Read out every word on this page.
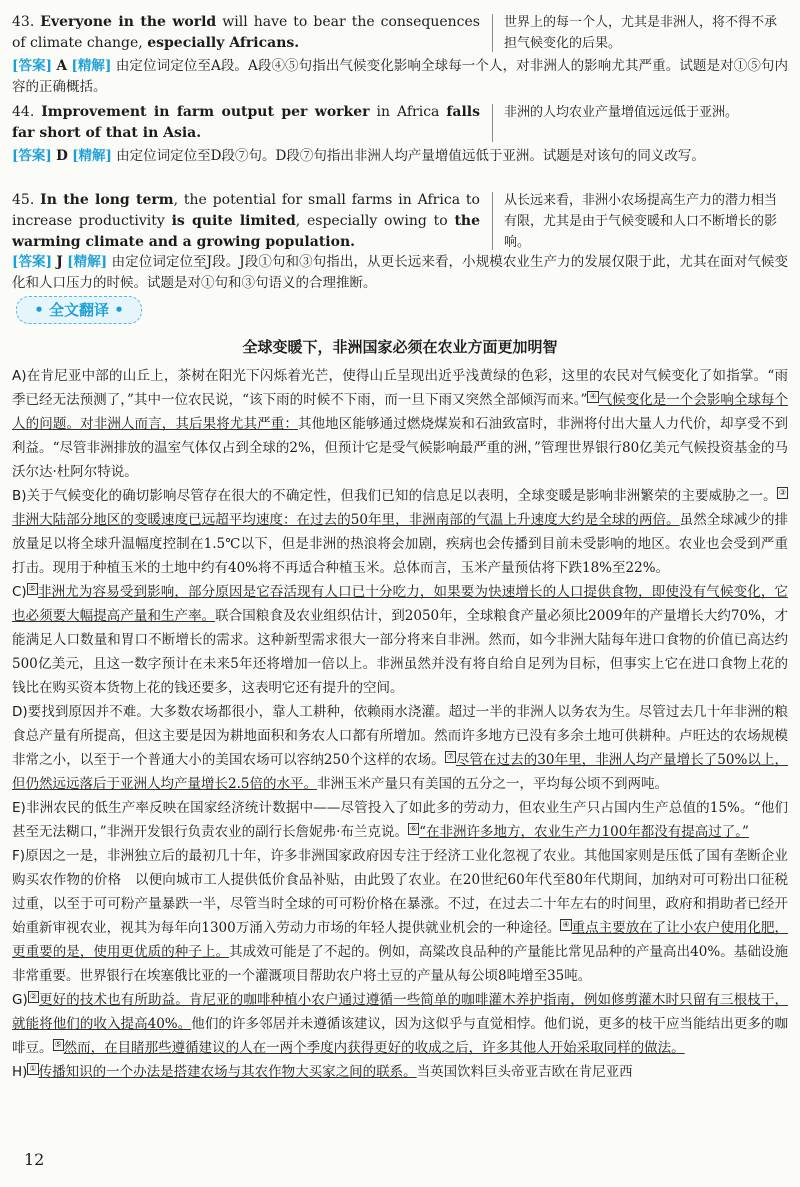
43. Everyone in the world will have to bear the consequences of climate change, especially Africans.
世界上的每一个人，尤其是非洲人，将不得不承担气候变化的后果。
[答案] A [精解] 由定位词定位至A段。A段④⑤句指出气候变化影响全球每一个人，对非洲人的影响尤其严重。试题是对①⑤句内容的正确概括。
44. Improvement in farm output per worker in Africa falls far short of that in Asia.
非洲的人均农业产量增值远远低于亚洲。
[答案] D [精解] 由定位词定位至D段⑦句。D段⑦句指出非洲人均产量增值远低于亚洲。试题是对该句的同义改写。
45. In the long term, the potential for small farms in Africa to increase productivity is quite limited, especially owing to the warming climate and a growing population.
从长远来看，非洲小农场提高生产力的潜力相当有限，尤其是由于气候变暖和人口不断增长的影响。
[答案] J [精解] 由定位词定位至J段。J段①句和③句指出，从更长远来看，小规模农业生产力的发展仅限于此，尤其在面对气候变化和人口压力的时候。试题是对①句和③句语义的合理推断。
• 全文翻译 •
全球变暖下，非洲国家必须在农业方面更加明智

A)在肯尼亚中部的山丘上，茶树在阳光下闪烁着光芒，使得山丘呈现出近乎浅黄绿的色彩，这里的农民对气候变化了如指掌。“雨季已经无法预测了，”其中一位农民说，“该下雨的时候不下雨，而一旦下雨又突然全部倾泻而来。” ④ 气候变化是一个会影响全球每个人的问题。对非洲人而言，其后果将尤其严重：其他地区能够通过燃烧煤炭和石油致富时，非洲将付出大量人力代价，却享受不到利益。“尽管非洲排放的温室气体仅占到全球的2%，但预计它是受气候影响最严重的洲，”管理世界银行80亿美元气候投资基金的马沃尔达·杜阿尔特说。

B)关于气候变化的确切影响尽管存在很大的不确定性，但我们已知的信息足以表明，全球变暖是影响非洲繁荣的主要威胁之一。 ③非洲大陆部分地区的变暖速度已远超平均速度：在过去的50年里，非洲南部的气温上升速度大约是全球的两倍。虽然全球减少的排放量足以将全球升温幅度控制在1.5℃以下，但是非洲的热浪将会加剧，疾病也会传播到目前未受影响的地区。农业也会受到严重打击。现用于种植玉米的土地中约有40%将不再适合种植玉米。总体而言，玉米产量预估将下跌18%至22%。

C) ⑤ 非洲尤为容易受到影响，部分原因是它吞活现有人口已十分吃力，如果要为快速增长的人口提供食物，即使没有气候变化，它也必须要大幅提高产量和生产率。联合国粮食及农业组织估计，到2050年，全球粮食产量必须比2009年的产量增长大约70%，才能满足人口数量和胃口不断增长的需求。这种新型需求很大一部分将来自非洲。然而，如今非洲大陆每年进口食物的价值已高达约500亿美元，且这一数字预计在未来5年还将增加一倍以上。非洲虽然并没有将自给自足列为目标，但事实上它在进口食物上花的钱比在购买资本货物上花的钱还要多，这表明它还有提升的空间。

D)要找到原因并不难。大多数农场都很小，靠人工耕种，依赖雨水浇灌。超过一半的非洲人以务农为生。尽管过去几十年非洲的粮食总产量有所提高，但这主要是因为耕地面积和务农人口都有所增加。然而许多地方已没有多余土地可供耕种。卢旺达的农场规模非常之小，以至于一个普通大小的美国农场可以容纳250个这样的农场。 ⑦ 尽管在过去的30年里，非洲人均产量增长了50%以上，但仍然远远落后于亚洲人均产量增长2.5倍的水平。非洲玉米产量只有美国的五分之一，平均每公顷不到两吨。

E)非洲农民的低生产率反映在国家经济统计数据中——尽管投入了如此多的劳动力，但农业生产只占国内生产总值的15%。“他们甚至无法糊口，”非洲开发银行负责农业的副行长詹妮弗·布兰克说。 ⑥ “在非洲许多地方，农业生产力100年都没有提高过了。”

F)原因之一是，非洲独立后的最初几十年，许多非洲国家政府因专注于经济工业化忽视了农业。其他国家则是压低了国有垄断企业购买农作物的价格　以便向城市工人提供低价食品补贴，由此毁了农业。在20世纪60年代至80年代期间，加纳对可可粉出口征税过重，以至于可可粉产量暴跌一半，尽管当时全球的可可粉价格在暴涨。不过，在过去二十年左右的时间里，政府和捐助者已经开始重新审视农业，视其为每年向1300万涌入劳动力市场的年轻人提供就业机会的一种途径。 ④ 重点主要放在了让小农户使用化肥，更重要的是，使用更优质的种子上。其成效可能是了不起的。例如，高粱改良品种的产量能比常见品种的产量高出40%。基础设施非常重要。世界银行在埃塞俄比亚的一个灌溉项目帮助农户将土豆的产量从每公顷8吨增至35吨。

G) ② 更好的技术也有所助益。肯尼亚的咖啡种植小农户通过遵循一些简单的咖啡灌木养护指南，例如修剪灌木时只留有三根枝干，就能将他们的收入提高40%。他们的许多邻居并未遵循该建议，因为这似乎与直觉相悖。他们说，更多的枝干应当能结出更多的咖啡豆。 ⑤ 然而，在目睹那些遵循建议的人在一两个季度内获得更好的收成之后，许多其他人开始采取同样的做法。

H) ① 传播知识的一个办法是搭建农场与其农作物大买家之间的联系。当英国饮料巨头帝亚吉欧在肯尼亚西

12
